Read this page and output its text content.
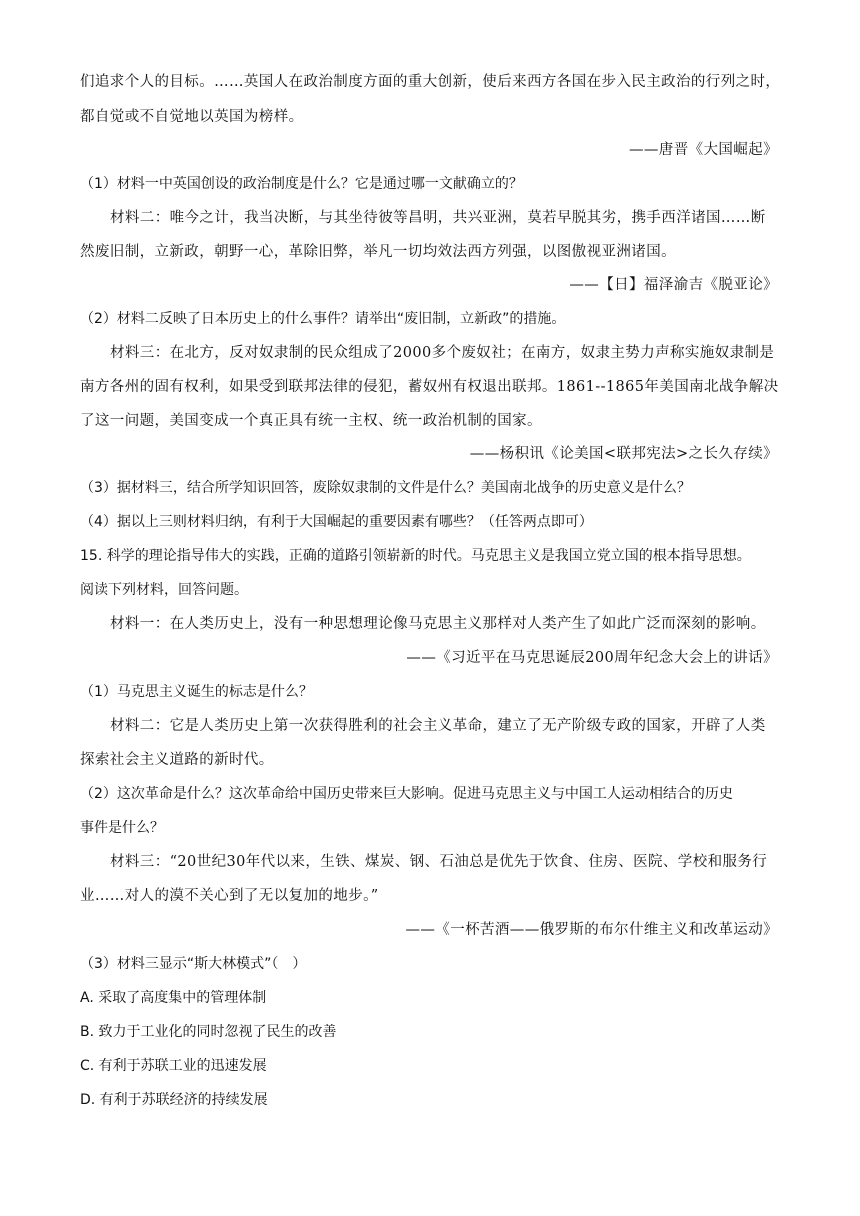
们追求个人的目标。……英国人在政治制度方面的重大创新，使后来西方各国在步入民主政治的行列之时，
都自觉或不自觉地以英国为榜样。
——唐晋《大国崛起》
（1）材料一中英国创设的政治制度是什么？它是通过哪一文献确立的？
材料二：唯今之计，我当决断，与其坐待彼等昌明，共兴亚洲，莫若早脱其劣，携手西洋诸国……断
然废旧制，立新政，朝野一心，革除旧弊，举凡一切均效法西方列强，以图傲视亚洲诸国。
——【日】福泽渝吉《脱亚论》
（2）材料二反映了日本历史上的什么事件？请举出“废旧制，立新政”的措施。
材料三：在北方，反对奴隶制的民众组成了2000多个废奴社；在南方，奴隶主势力声称实施奴隶制是
南方各州的固有权利，如果受到联邦法律的侵犯，蓄奴州有权退出联邦。1861--1865年美国南北战争解决
了这一问题，美国变成一个真正具有统一主权、统一政治机制的国家。
——杨积讯《论美国<联邦宪法>之长久存续》
（3）据材料三，结合所学知识回答，废除奴隶制的文件是什么？美国南北战争的历史意义是什么？
（4）据以上三则材料归纳，有利于大国崛起的重要因素有哪些？（任答两点即可）
15. 科学的理论指导伟大的实践，正确的道路引领崭新的时代。马克思主义是我国立党立国的根本指导思想。
阅读下列材料，回答问题。
材料一：在人类历史上，没有一种思想理论像马克思主义那样对人类产生了如此广泛而深刻的影响。
——《习近平在马克思诞辰200周年纪念大会上的讲话》
（1）马克思主义诞生的标志是什么？
材料二：它是人类历史上第一次获得胜利的社会主义革命，建立了无产阶级专政的国家，开辟了人类
探索社会主义道路的新时代。
（2）这次革命是什么？这次革命给中国历史带来巨大影响。促进马克思主义与中国工人运动相结合的历史
事件是什么？
材料三：“20世纪30年代以来，生铁、煤炭、钢、石油总是优先于饮食、住房、医院、学校和服务行
业……对人的漠不关心到了无以复加的地步。”
——《一杯苦酒——俄罗斯的布尔什维主义和改革运动》
（3）材料三显示“斯大林模式”（　）
A. 采取了高度集中的管理体制
B. 致力于工业化的同时忽视了民生的改善
C. 有利于苏联工业的迅速发展
D. 有利于苏联经济的持续发展
